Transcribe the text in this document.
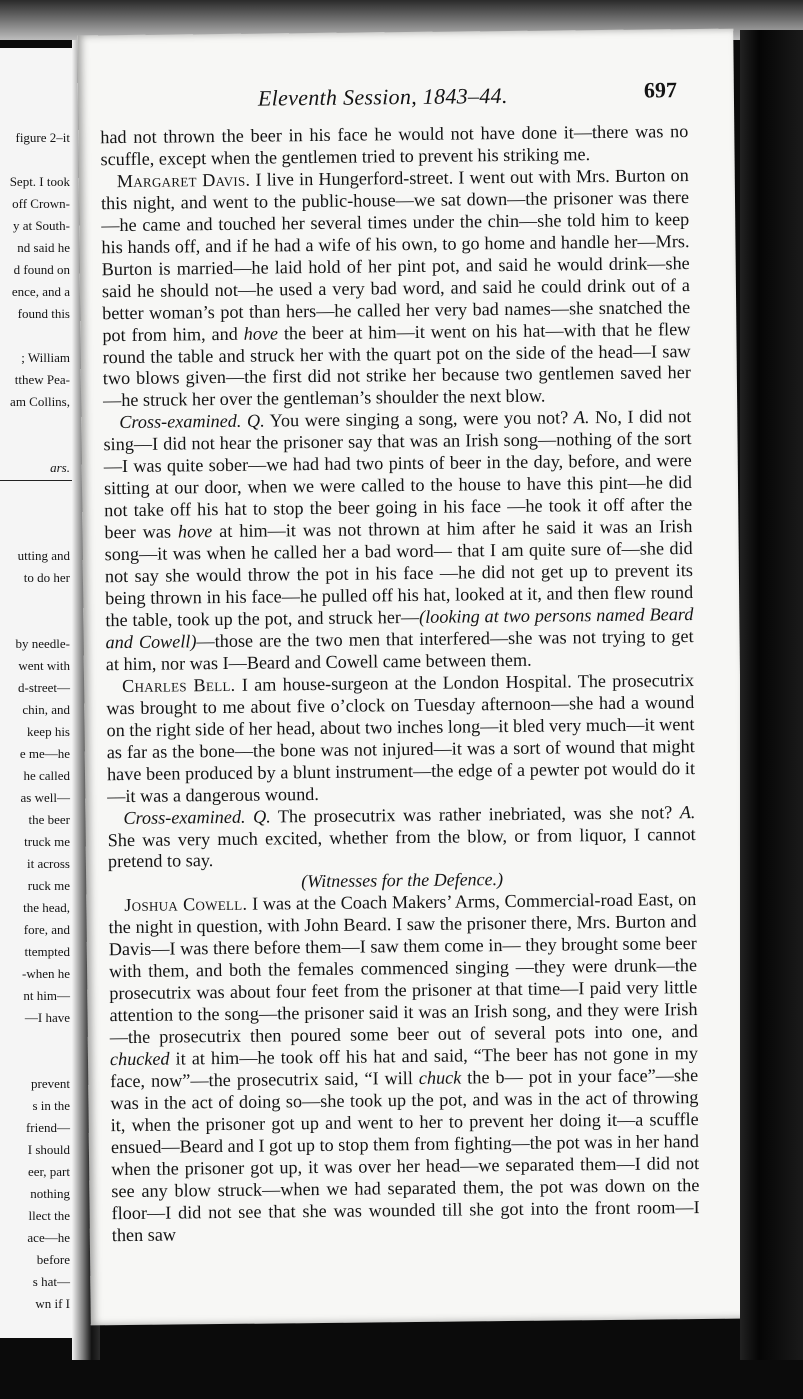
figure 2–it
Sept. I took
off Crown-
y at South-
nd said he
d found on
ence, and a
found this
; William
tthew Pea-
am Collins,
ars.
utting and
to do her
by needle-
went with
d-street—
chin, and
keep his
e me—he
he called
as well—
the beer
truck me
it across
ruck me
the head,
fore, and
ttempted
-when he
nt him—
—I have
prevent
s in the
friend—
I should
eer, part
nothing
llect the
ace—he
before
s hat—
wn if I
Eleventh Session, 1843–44.	697

had not thrown the beer in his face he would not have done it—there was no scuffle, except when the gentlemen tried to prevent his striking me.

Margaret Davis. I live in Hungerford-street. I went out with Mrs. Burton on this night, and went to the public-house—we sat down—the prisoner was there—he came and touched her several times under the chin—she told him to keep his hands off, and if he had a wife of his own, to go home and handle her—Mrs. Burton is married—he laid hold of her pint pot, and said he would drink—she said he should not—he used a very bad word, and said he could drink out of a better woman’s pot than hers—he called her very bad names—she snatched the pot from him, and hove the beer at him—it went on his hat—with that he flew round the table and struck her with the quart pot on the side of the head—I saw two blows given—the first did not strike her because two gentlemen saved her—he struck her over the gentleman’s shoulder the next blow.

Cross-examined. Q. You were singing a song, were you not? A. No, I did not sing—I did not hear the prisoner say that was an Irish song—nothing of the sort—I was quite sober—we had had two pints of beer in the day, before, and were sitting at our door, when we were called to the house to have this pint—he did not take off his hat to stop the beer going in his face —he took it off after the beer was hove at him—it was not thrown at him after he said it was an Irish song—it was when he called her a bad word— that I am quite sure of—she did not say she would throw the pot in his face —he did not get up to prevent its being thrown in his face—he pulled off his hat, looked at it, and then flew round the table, took up the pot, and struck her—(looking at two persons named Beard and Cowell)—those are the two men that interfered—she was not trying to get at him, nor was I—Beard and Cowell came between them.

Charles Bell. I am house-surgeon at the London Hospital. The prosecutrix was brought to me about five o’clock on Tuesday afternoon—she had a wound on the right side of her head, about two inches long—it bled very much—it went as far as the bone—the bone was not injured—it was a sort of wound that might have been produced by a blunt instrument—the edge of a pewter pot would do it—it was a dangerous wound.

Cross-examined. Q. The prosecutrix was rather inebriated, was she not? A. She was very much excited, whether from the blow, or from liquor, I cannot pretend to say.

(Witnesses for the Defence.)

Joshua Cowell. I was at the Coach Makers’ Arms, Commercial-road East, on the night in question, with John Beard. I saw the prisoner there, Mrs. Burton and Davis—I was there before them—I saw them come in— they brought some beer with them, and both the females commenced singing —they were drunk—the prosecutrix was about four feet from the prisoner at that time—I paid very little attention to the song—the prisoner said it was an Irish song, and they were Irish—the prosecutrix then poured some beer out of several pots into one, and chucked it at him—he took off his hat and said, “The beer has not gone in my face, now”—the prosecutrix said, “I will chuck the b— pot in your face”—she was in the act of doing so—she took up the pot, and was in the act of throwing it, when the prisoner got up and went to her to prevent her doing it—a scuffle ensued—Beard and I got up to stop them from fighting—the pot was in her hand when the prisoner got up, it was over her head—we separated them—I did not see any blow struck—when we had separated them, the pot was down on the floor—I did not see that she was wounded till she got into the front room—I then saw
